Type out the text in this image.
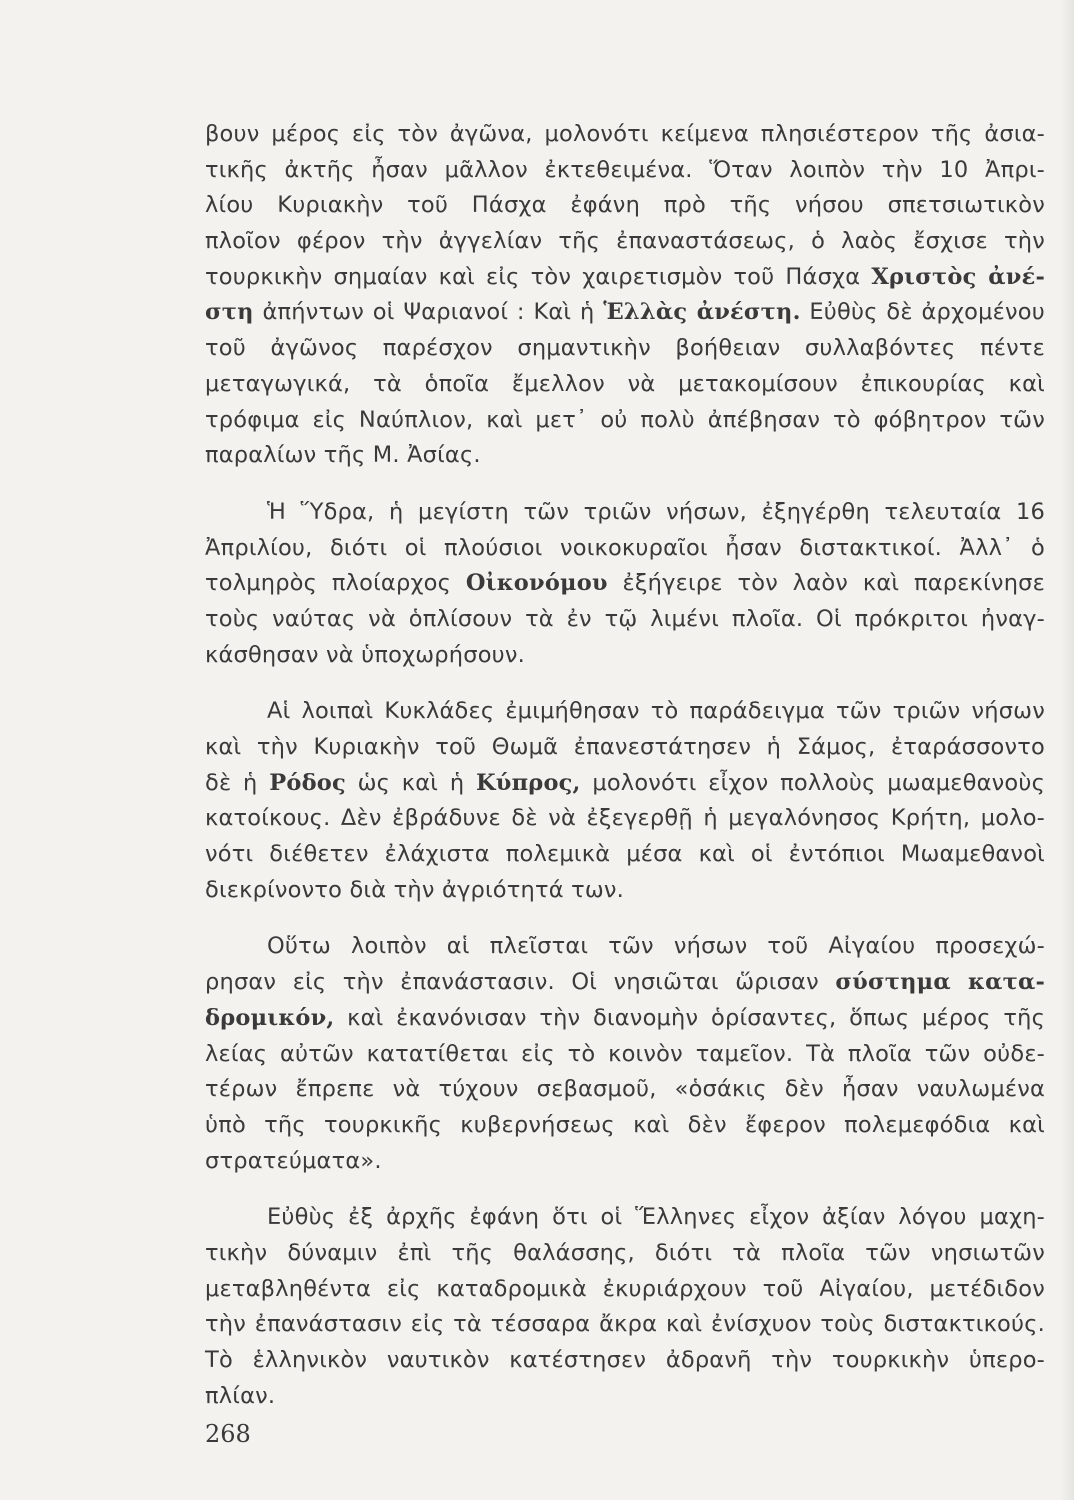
βουν μέρος εἰς τὸν ἀγῶνα, μολονότι κείμενα πλησιέστερον τῆς ἀσια-
τικῆς ἀκτῆς ἦσαν μᾶλλον ἐκτεθειμένα. Ὅταν λοιπὸν τὴν 10 Ἀπρι-
λίου Κυριακὴν τοῦ Πάσχα ἐφάνη πρὸ τῆς νήσου σπετσιωτικὸν
πλοῖον φέρον τὴν ἀγγελίαν τῆς ἐπαναστάσεως, ὁ λαὸς ἔσχισε τὴν
τουρκικὴν σημαίαν καὶ εἰς τὸν χαιρετισμὸν τοῦ Πάσχα Χριστὸς ἀνέ-
στη ἀπήντων οἱ Ψαριανοί : Καὶ ἡ Ἑλλὰς ἀνέστη. Εὐθὺς δὲ ἀρχομένου
τοῦ ἀγῶνος παρέσχον σημαντικὴν βοήθειαν συλλαβόντες πέντε
μεταγωγικά, τὰ ὁποῖα ἔμελλον νὰ μετακομίσουν ἐπικουρίας καὶ
τρόφιμα εἰς Ναύπλιον, καὶ μετ᾽ οὐ πολὺ ἀπέβησαν τὸ φόβητρον τῶν
παραλίων τῆς Μ. Ἀσίας.
Ἡ Ὕδρα, ἡ μεγίστη τῶν τριῶν νήσων, ἐξηγέρθη τελευταία 16
Ἀπριλίου, διότι οἱ πλούσιοι νοικοκυραῖοι ἦσαν διστακτικοί. Ἀλλ᾽ ὁ
τολμηρὸς πλοίαρχος Οἰκονόμου ἐξήγειρε τὸν λαὸν καὶ παρεκίνησε
τοὺς ναύτας νὰ ὁπλίσουν τὰ ἐν τῷ λιμένι πλοῖα. Οἱ πρόκριτοι ἠναγ-
κάσθησαν νὰ ὑποχωρήσουν.
Αἱ λοιπαὶ Κυκλάδες ἐμιμήθησαν τὸ παράδειγμα τῶν τριῶν νήσων
καὶ τὴν Κυριακὴν τοῦ Θωμᾶ ἐπανεστάτησεν ἡ Σάμος, ἐταράσσοντο
δὲ ἡ Ρόδος ὡς καὶ ἡ Κύπρος, μολονότι εἶχον πολλοὺς μωαμεθανοὺς
κατοίκους. Δὲν ἐβράδυνε δὲ νὰ ἐξεγερθῇ ἡ μεγαλόνησος Κρήτη, μολο-
νότι διέθετεν ἐλάχιστα πολεμικὰ μέσα καὶ οἱ ἐντόπιοι Μωαμεθανοὶ
διεκρίνοντο διὰ τὴν ἀγριότητά των.
Οὕτω λοιπὸν αἱ πλεῖσται τῶν νήσων τοῦ Αἰγαίου προσεχώ-
ρησαν εἰς τὴν ἐπανάστασιν. Οἱ νησιῶται ὥρισαν σύστημα κατα-
δρομικόν, καὶ ἐκανόνισαν τὴν διανομὴν ὁρίσαντες, ὅπως μέρος τῆς
λείας αὐτῶν κατατίθεται εἰς τὸ κοινὸν ταμεῖον. Τὰ πλοῖα τῶν οὐδε-
τέρων ἔπρεπε νὰ τύχουν σεβασμοῦ, «ὁσάκις δὲν ἦσαν ναυλωμένα
ὑπὸ τῆς τουρκικῆς κυβερνήσεως καὶ δὲν ἔφερον πολεμεφόδια καὶ
στρατεύματα».
Εὐθὺς ἐξ ἀρχῆς ἐφάνη ὅτι οἱ Ἕλληνες εἶχον ἀξίαν λόγου μαχη-
τικὴν δύναμιν ἐπὶ τῆς θαλάσσης, διότι τὰ πλοῖα τῶν νησιωτῶν
μεταβληθέντα εἰς καταδρομικὰ ἐκυριάρχουν τοῦ Αἰγαίου, μετέδιδον
τὴν ἐπανάστασιν εἰς τὰ τέσσαρα ἄκρα καὶ ἐνίσχυον τοὺς διστακτικούς.
Τὸ ἑλληνικὸν ναυτικὸν κατέστησεν ἀδρανῆ τὴν τουρκικὴν ὑπερο-
πλίαν.
268
